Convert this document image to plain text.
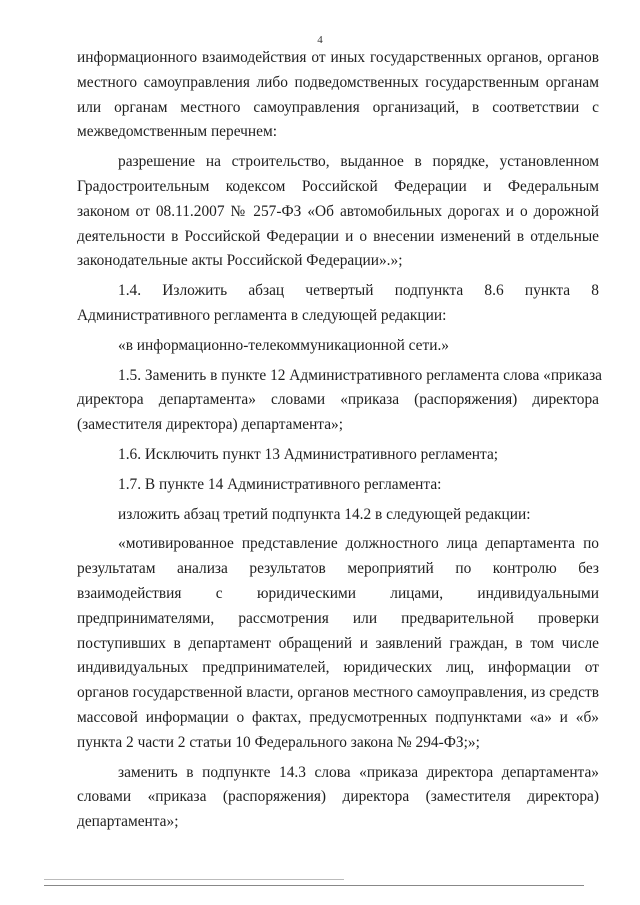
4
информационного взаимодействия от иных государственных органов, органов
местного самоуправления либо подведомственных государственным органам
или органам местного самоуправления организаций, в соответствии с
межведомственным перечнем:
разрешение на строительство, выданное в порядке, установленном
Градостроительным кодексом Российской Федерации и Федеральным
законом от 08.11.2007 № 257-ФЗ «Об автомобильных дорогах и о дорожной
деятельности в Российской Федерации и о внесении изменений в отдельные
законодательные акты Российской Федерации».»;
1.4. Изложить абзац четвертый подпункта 8.6 пункта 8
Административного регламента в следующей редакции:
«в информационно-телекоммуникационной сети.»
1.5. Заменить в пункте 12 Административного регламента слова «приказа
директора департамента» словами «приказа (распоряжения) директора
(заместителя директора) департамента»;
1.6. Исключить пункт 13 Административного регламента;
1.7. В пункте 14 Административного регламента:
изложить абзац третий подпункта 14.2 в следующей редакции:
«мотивированное представление должностного лица департамента по
результатам анализа результатов мероприятий по контролю без
взаимодействия с юридическими лицами, индивидуальными
предпринимателями, рассмотрения или предварительной проверки
поступивших в департамент обращений и заявлений граждан, в том числе
индивидуальных предпринимателей, юридических лиц, информации от
органов государственной власти, органов местного самоуправления, из средств
массовой информации о фактах, предусмотренных подпунктами «а» и «б»
пункта 2 части 2 статьи 10 Федерального закона № 294-ФЗ;»;
заменить в подпункте 14.3 слова «приказа директора департамента»
словами «приказа (распоряжения) директора (заместителя директора)
департамента»;
